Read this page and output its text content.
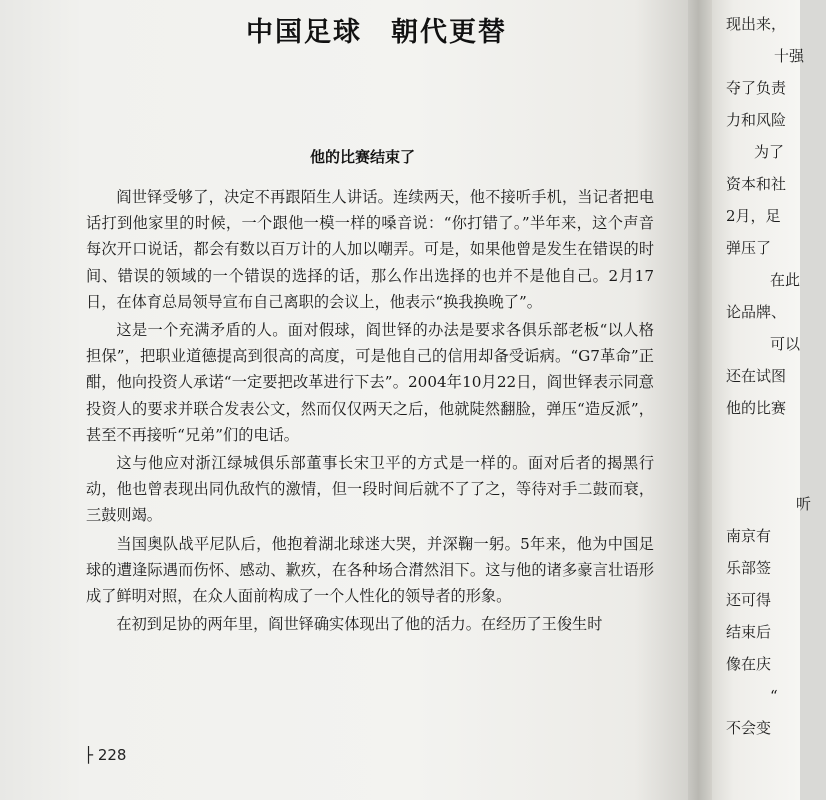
中国足球　朝代更替
他的比赛结束了

阎世铎受够了，决定不再跟陌生人讲话。连续两天，他不接听手机，当记者把电话打到他家里的时候，一个跟他一模一样的嗓音说：“你打错了。”半年来，这个声音每次开口说话，都会有数以百万计的人加以嘲弄。可是，如果他曾是发生在错误的时间、错误的领域的一个错误的选择的话，那么作出选择的也并不是他自己。2月17日，在体育总局领导宣布自己离职的会议上，他表示“换我换晚了”。

这是一个充满矛盾的人。面对假球，阎世铎的办法是要求各俱乐部老板“以人格担保”，把职业道德提高到很高的高度，可是他自己的信用却备受诟病。“G7革命”正酣，他向投资人承诺“一定要把改革进行下去”。2004年10月22日，阎世铎表示同意投资人的要求并联合发表公文，然而仅仅两天之后，他就陡然翻脸，弹压“造反派”，甚至不再接听“兄弟”们的电话。

这与他应对浙江绿城俱乐部董事长宋卫平的方式是一样的。面对后者的揭黑行动，他也曾表现出同仇敌忾的激情，但一段时间后就不了了之，等待对手二鼓而衰，三鼓则竭。

当国奥队战平尼队后，他抱着湖北球迷大哭，并深鞠一躬。5年来，他为中国足球的遭逢际遇而伤怀、感动、歉疚，在各种场合潸然泪下。这与他的诸多豪言壮语形成了鲜明对照，在众人面前构成了一个人性化的领导者的形象。

在初到足协的两年里，阎世铎确实体现出了他的活力。在经历了王俊生时

├ 228
现出来，
十强
夺了负责
力和风险
为了
资本和社
2月，足
弹压了
在此
论品牌、
可以
还在试图
他的比赛
听
南京有
乐部签
还可得
结束后
像在庆
“
不会变
